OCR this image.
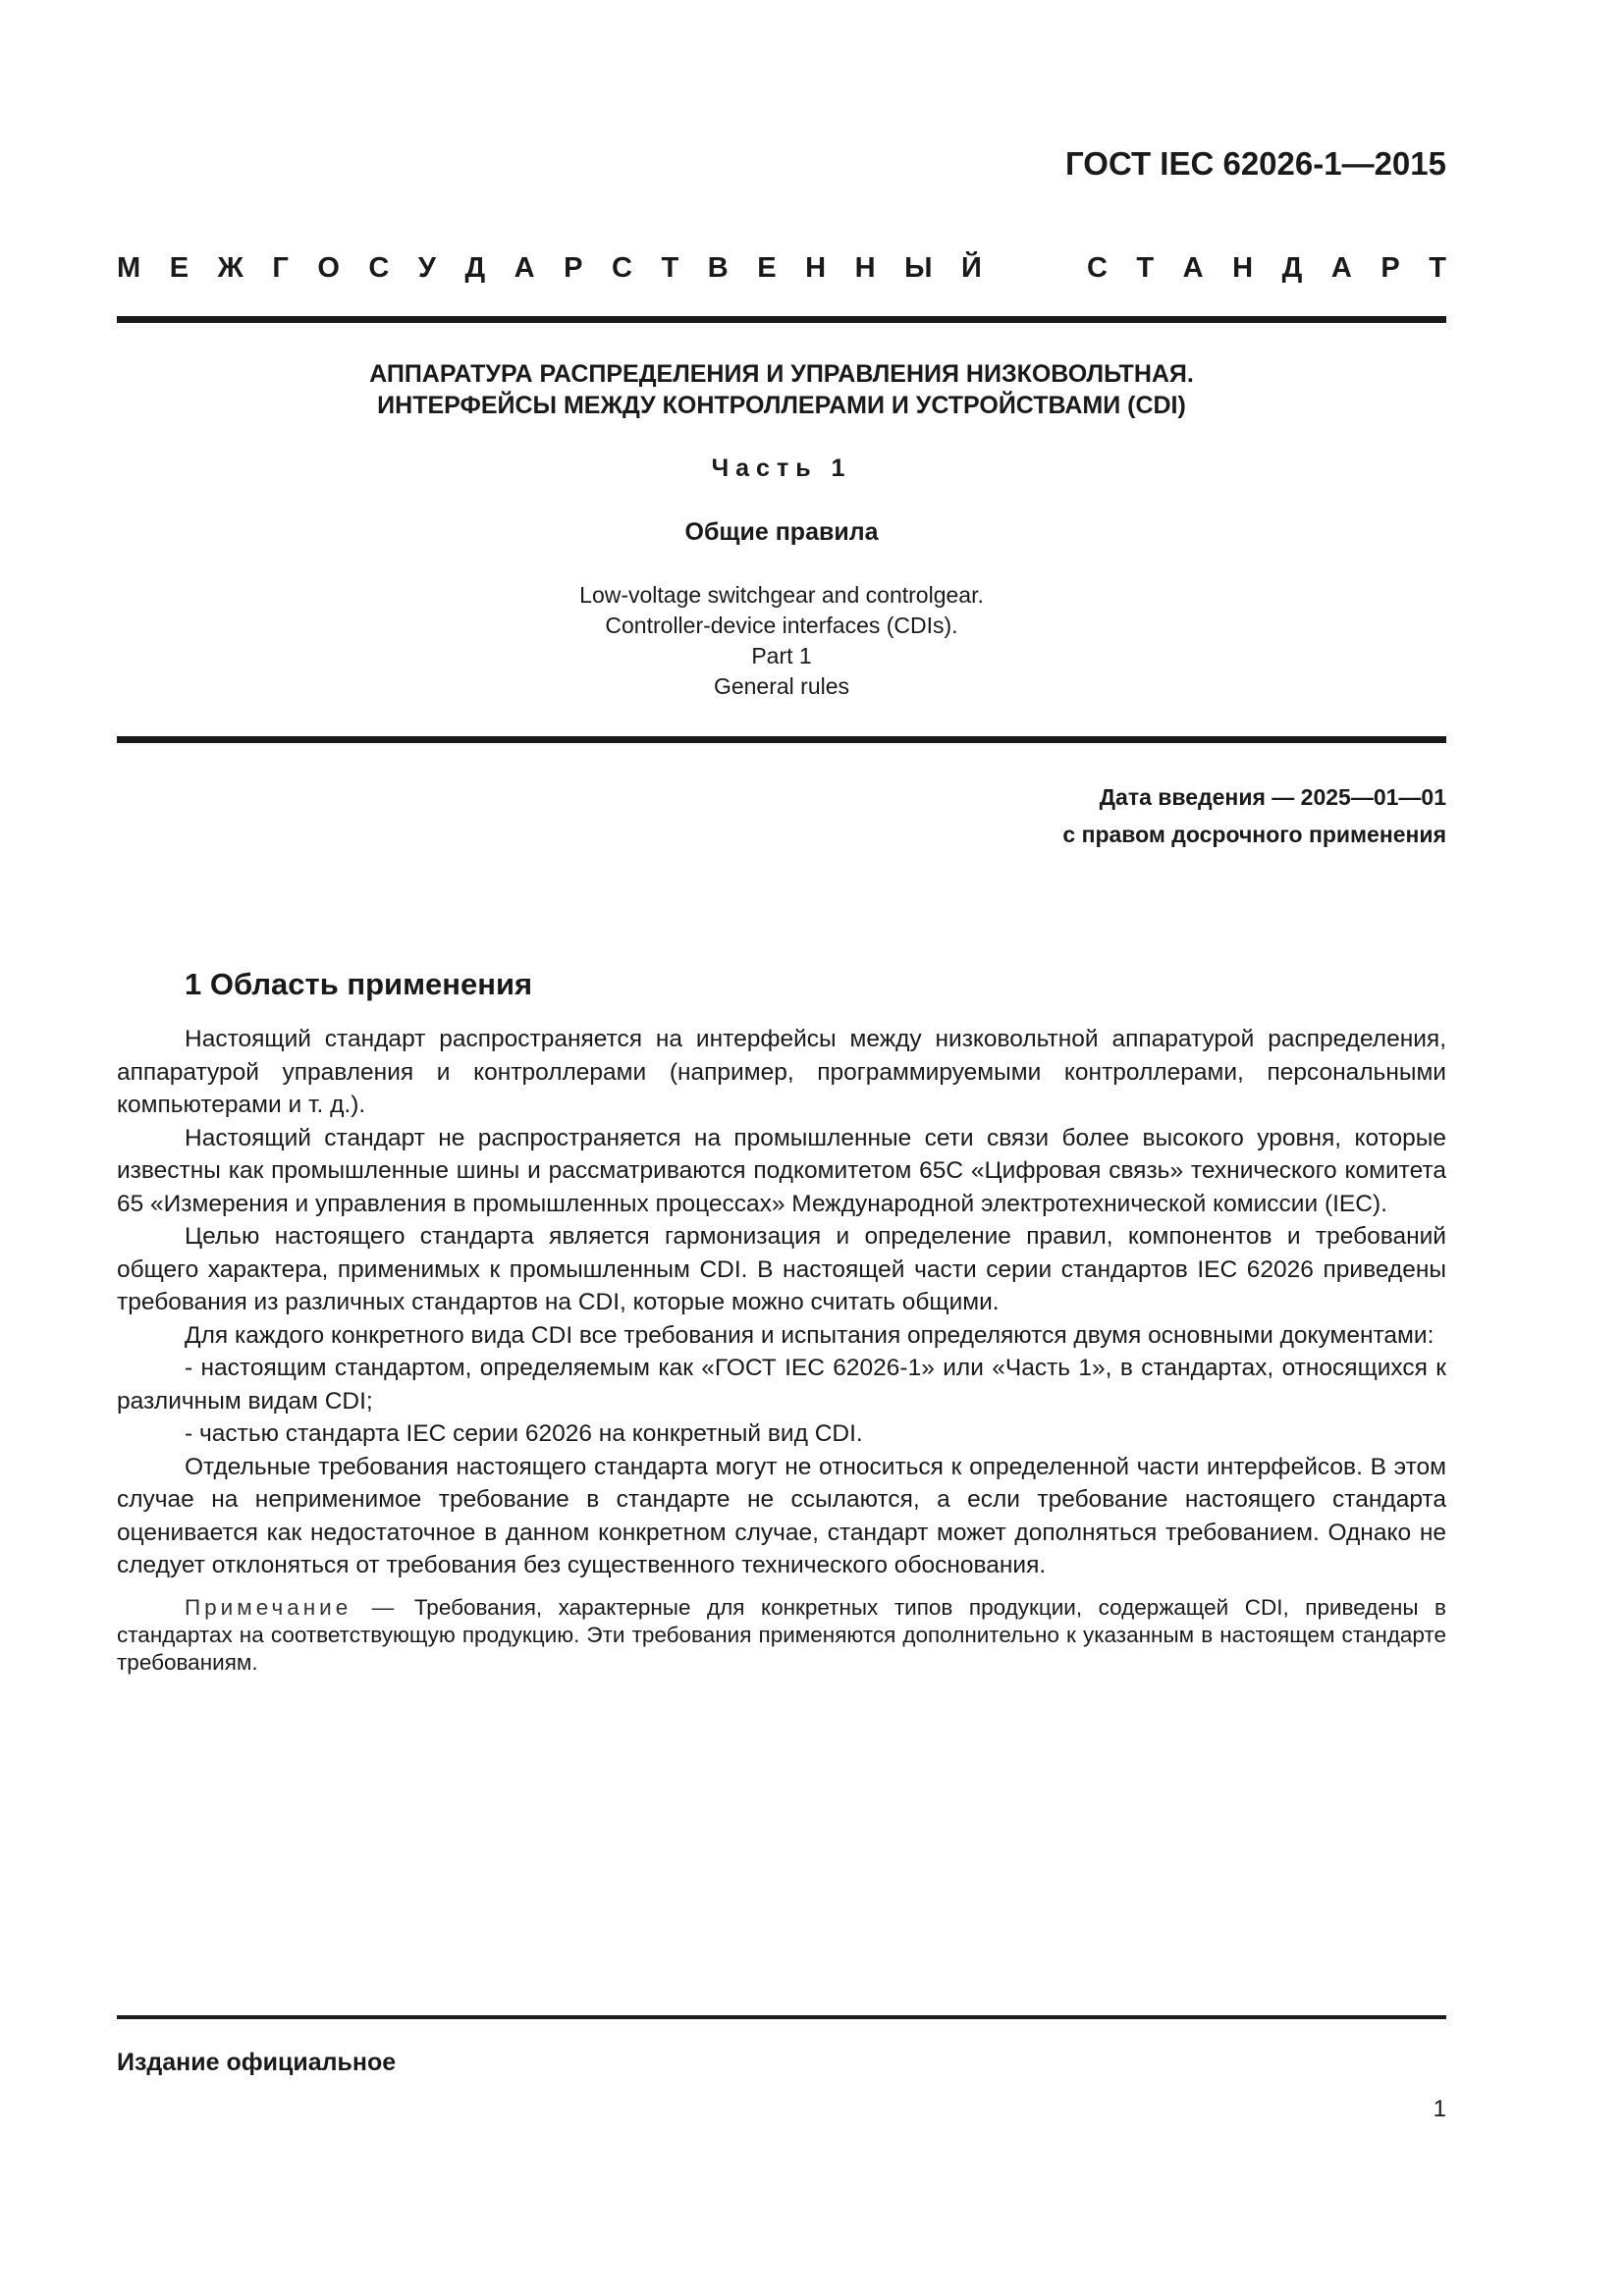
ГОСТ IEC 62026-1—2015
М Е Ж Г О С У Д А Р С Т В Е Н Н Ы Й	С Т А Н Д А Р Т
АППАРАТУРА РАСПРЕДЕЛЕНИЯ И УПРАВЛЕНИЯ НИЗКОВОЛЬТНАЯ.
ИНТЕРФЕЙСЫ МЕЖДУ КОНТРОЛЛЕРАМИ И УСТРОЙСТВАМИ (CDI)
Часть 1
Общие правила
Low-voltage switchgear and controlgear.
Controller-device interfaces (CDIs).
Part 1
General rules
Дата введения — 2025—01—01
с правом досрочного применения
1 Область применения

Настоящий стандарт распространяется на интерфейсы между низковольтной аппаратурой распределения, аппаратурой управления и контроллерами (например, программируемыми контроллерами, персональными компьютерами и т. д.).

Настоящий стандарт не распространяется на промышленные сети связи более высокого уровня, которые известны как промышленные шины и рассматриваются подкомитетом 65С «Цифровая связь» технического комитета 65 «Измерения и управления в промышленных процессах» Международной электротехнической комиссии (IEC).

Целью настоящего стандарта является гармонизация и определение правил, компонентов и требований общего характера, применимых к промышленным CDI. В настоящей части серии стандартов IEC 62026 приведены требования из различных стандартов на CDI, которые можно считать общими.

Для каждого конкретного вида CDI все требования и испытания определяются двумя основными документами:

- настоящим стандартом, определяемым как «ГОСТ IEC 62026-1» или «Часть 1», в стандартах, относящихся к различным видам CDI;

- частью стандарта IEC серии 62026 на конкретный вид CDI.

Отдельные требования настоящего стандарта могут не относиться к определенной части интерфейсов. В этом случае на неприменимое требование в стандарте не ссылаются, а если требование настоящего стандарта оценивается как недостаточное в данном конкретном случае, стандарт может дополняться требованием. Однако не следует отклоняться от требования без существенного технического обоснования.

Примечание — Требования, характерные для конкретных типов продукции, содержащей CDI, приведены в стандартах на соответствующую продукцию. Эти требования применяются дополнительно к указанным в настоящем стандарте требованиям.

Издание официальное
1
